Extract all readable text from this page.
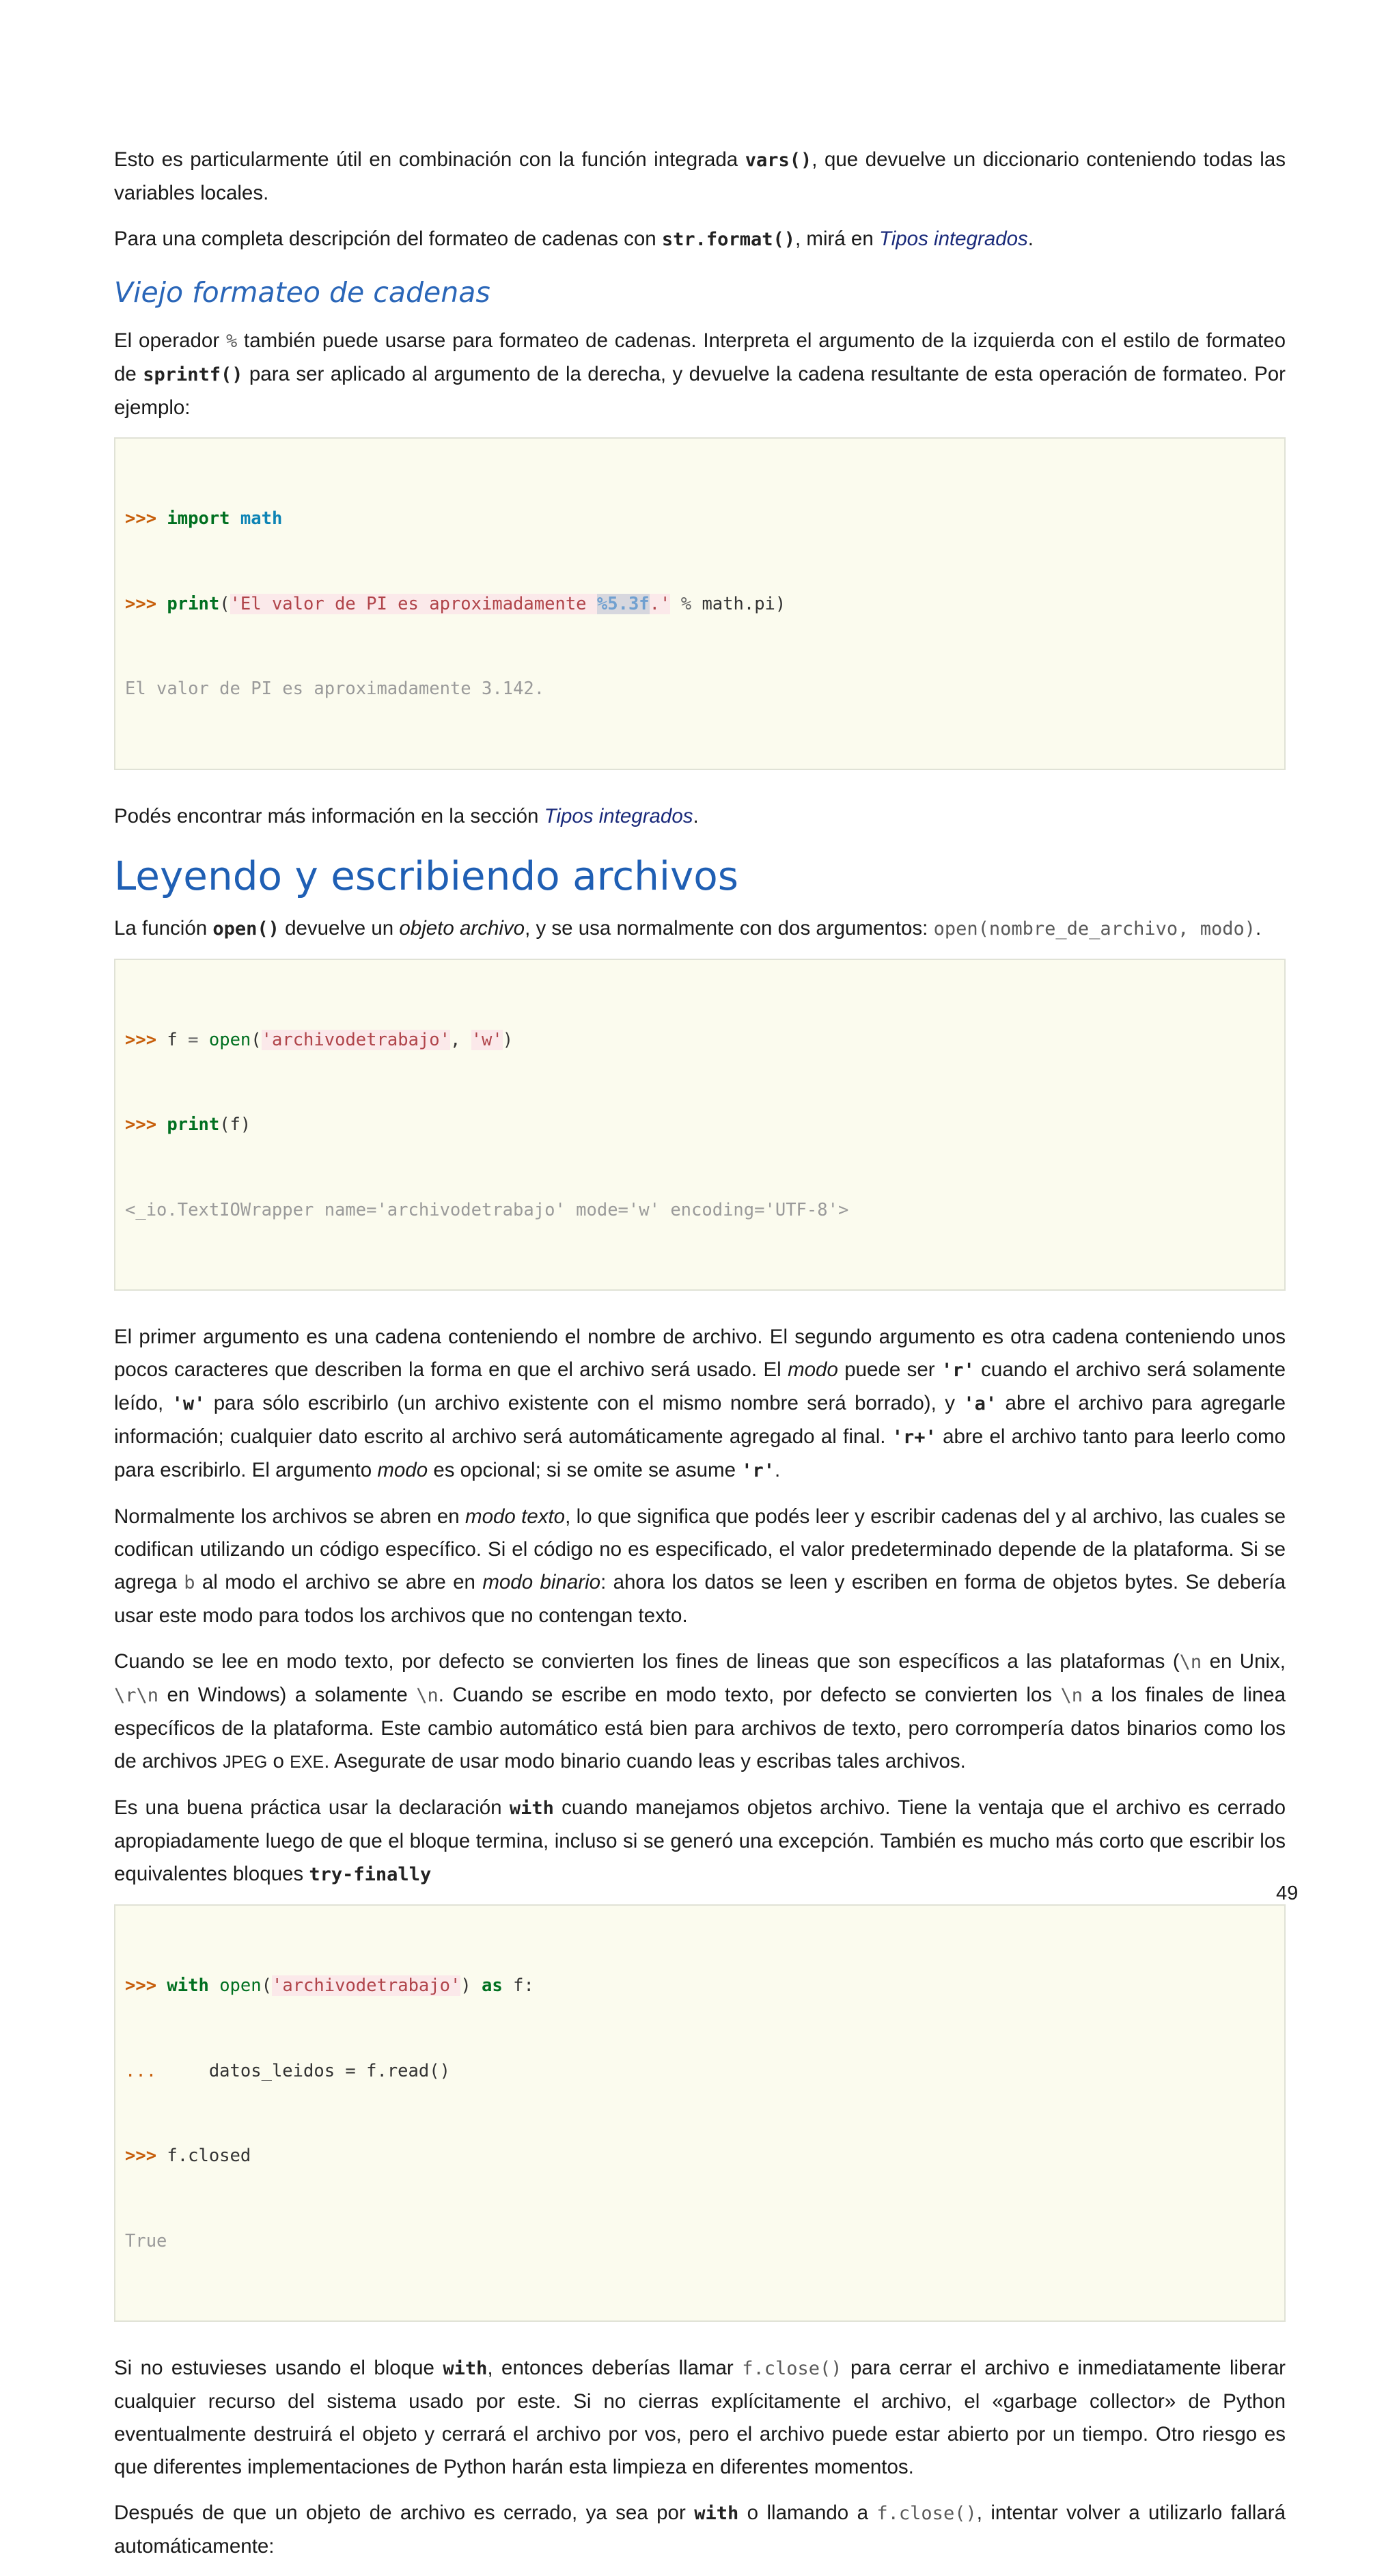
Esto es particularmente útil en combinación con la función integrada vars(), que devuelve un diccionario conteniendo todas las variables locales.

Para una completa descripción del formateo de cadenas con str.format(), mirá en Tipos integrados.

Viejo formateo de cadenas

El operador % también puede usarse para formateo de cadenas. Interpreta el argumento de la izquierda con el estilo de formateo de sprintf() para ser aplicado al argumento de la derecha, y devuelve la cadena resultante de esta operación de formateo. Por ejemplo:

>>> import math

>>> print('El valor de PI es aproximadamente %5.3f.' % math.pi)

El valor de PI es aproximadamente 3.142.

Podés encontrar más información en la sección Tipos integrados.

Leyendo y escribiendo archivos

La función open() devuelve un objeto archivo, y se usa normalmente con dos argumentos: open(nombre_de_archivo, modo).

>>> f = open('archivodetrabajo', 'w')

>>> print(f)

<_io.TextIOWrapper name='archivodetrabajo' mode='w' encoding='UTF-8'>

El primer argumento es una cadena conteniendo el nombre de archivo. El segundo argumento es otra cadena conteniendo unos pocos caracteres que describen la forma en que el archivo será usado. El modo puede ser 'r' cuando el archivo será solamente leído, 'w' para sólo escribirlo (un archivo existente con el mismo nombre será borrado), y 'a' abre el archivo para agregarle información; cualquier dato escrito al archivo será automáticamente agregado al final. 'r+' abre el archivo tanto para leerlo como para escribirlo. El argumento modo es opcional; si se omite se asume 'r'.

Normalmente los archivos se abren en modo texto, lo que significa que podés leer y escribir cadenas del y al archivo, las cuales se codifican utilizando un código específico. Si el código no es especificado, el valor predeterminado depende de la plataforma. Si se agrega b al modo el archivo se abre en modo binario: ahora los datos se leen y escriben en forma de objetos bytes. Se debería usar este modo para todos los archivos que no contengan texto.

Cuando se lee en modo texto, por defecto se convierten los fines de lineas que son específicos a las plataformas (\n en Unix, \r\n en Windows) a solamente \n. Cuando se escribe en modo texto, por defecto se convierten los \n a los finales de linea específicos de la plataforma. Este cambio automático está bien para archivos de texto, pero corrompería datos binarios como los de archivos JPEG o EXE. Asegurate de usar modo binario cuando leas y escribas tales archivos.

Es una buena práctica usar la declaración with cuando manejamos objetos archivo. Tiene la ventaja que el archivo es cerrado apropiadamente luego de que el bloque termina, incluso si se generó una excepción. También es mucho más corto que escribir los equivalentes bloques try-finally

>>> with open('archivodetrabajo') as f:

...     datos_leidos = f.read()

>>> f.closed

True

Si no estuvieses usando el bloque with, entonces deberías llamar f.close() para cerrar el archivo e inmediatamente liberar cualquier recurso del sistema usado por este. Si no cierras explícitamente el archivo, el «garbage collector» de Python eventualmente destruirá el objeto y cerrará el archivo por vos, pero el archivo puede estar abierto por un tiempo. Otro riesgo es que diferentes implementaciones de Python harán esta limpieza en diferentes momentos.

Después de que un objeto de archivo es cerrado, ya sea por with o llamando a f.close(), intentar volver a utilizarlo fallará automáticamente:

49
